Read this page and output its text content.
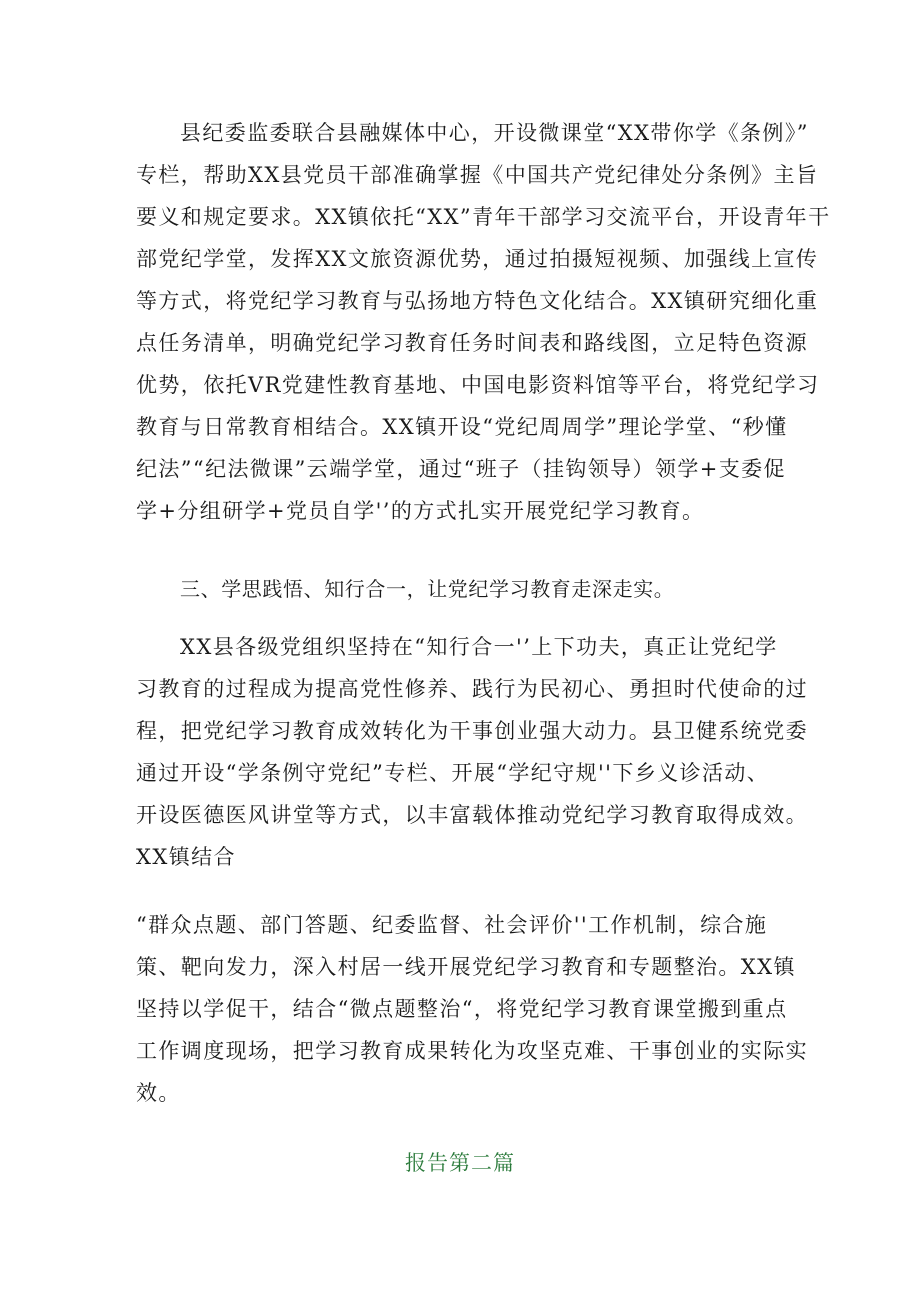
县纪委监委联合县融媒体中心，开设微课堂“XX带你学《条例》”
专栏，帮助XX县党员干部准确掌握《中国共产党纪律处分条例》主旨
要义和规定要求。XX镇依托“XX”青年干部学习交流平台，开设青年干
部党纪学堂，发挥XX文旅资源优势，通过拍摄短视频、加强线上宣传
等方式，将党纪学习教育与弘扬地方特色文化结合。XX镇研究细化重
点任务清单，明确党纪学习教育任务时间表和路线图，立足特色资源
优势，依托VR党建性教育基地、中国电影资料馆等平台，将党纪学习
教育与日常教育相结合。XX镇开设“党纪周周学”理论学堂、“秒懂
纪法”“纪法微课”云端学堂，通过“班子（挂钩领导）领学+支委促
学+分组研学+党员自学'’的方式扎实开展党纪学习教育。
三、学思践悟、知行合一，让党纪学习教育走深走实。
XX县各级党组织坚持在“知行合一'’上下功夫，真正让党纪学
习教育的过程成为提高党性修养、践行为民初心、勇担时代使命的过
程，把党纪学习教育成效转化为干事创业强大动力。县卫健系统党委
通过开设“学条例守党纪”专栏、开展“学纪守规''下乡义诊活动、
开设医德医风讲堂等方式，以丰富载体推动党纪学习教育取得成效。
XX镇结合
“群众点题、部门答题、纪委监督、社会评价''工作机制，综合施
策、靶向发力，深入村居一线开展党纪学习教育和专题整治。XX镇
坚持以学促干，结合“微点题整治“，将党纪学习教育课堂搬到重点
工作调度现场，把学习教育成果转化为攻坚克难、干事创业的实际实
效。
报告第二篇
